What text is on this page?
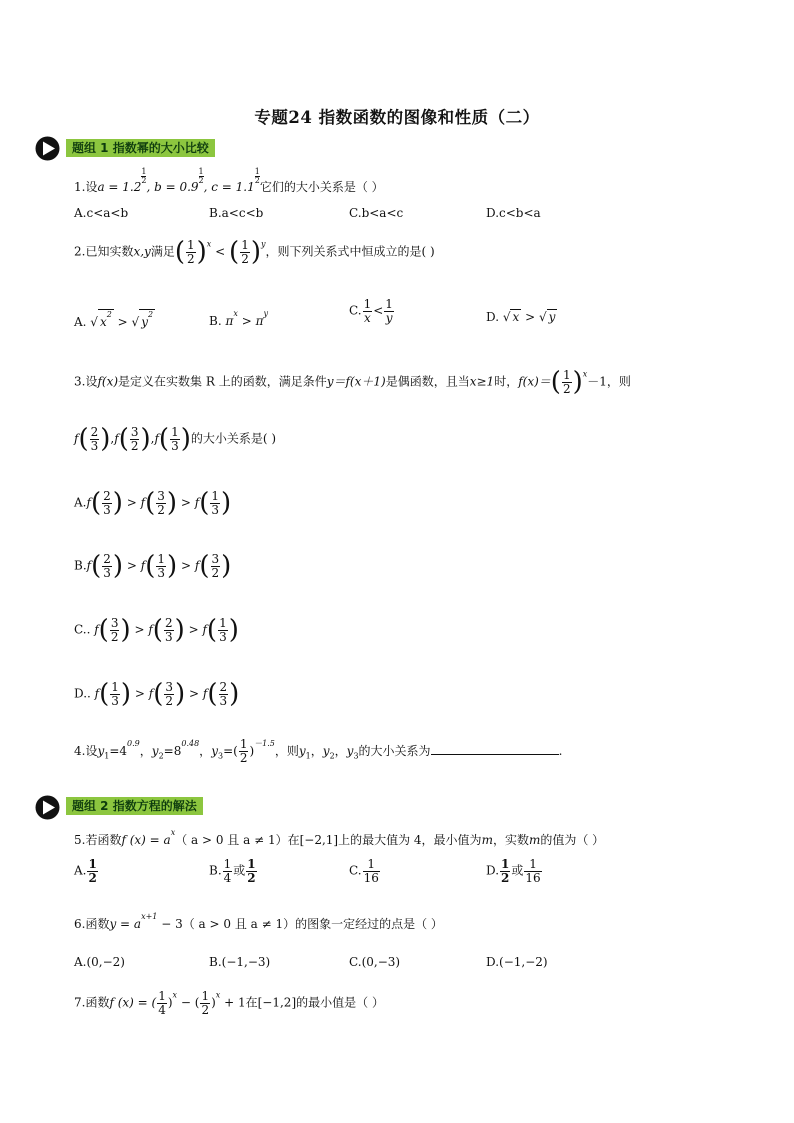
专题24 指数函数的图像和性质（二）
题组 1 指数幂的大小比较
1.设a = 1.2
$\frac{1}{2}$
, b = 0.9
$\frac{1}{2}$
, c = 1.1
$\frac{1}{2}$
它们的大小关系是（ ）
A.c<a<b	B.a<c<b	C.b<a<c	D.c<b<a
2.已知实数x,y满足( $\frac{1}{2} )^x$ < ( $\frac{1}{2} )^y$，则下列关系式中恒成立的是( )
A. √ $x^2$ > √ $y^2$	B. $\pi^x > \pi^y$	C. $\frac{1}{x} < \frac{1}{y}$	D. √ x > √ y
3.设f(x)是定义在实数集 R 上的函数，满足条件y＝f(x＋1)是偶函数，且当x≥1时，$f(x)=( \frac{1}{2} )^x-1$，则
$f( \frac{2}{3} ),f( \frac{3}{2} ),f( \frac{1}{3}$ )的大小关系是( )
$A.f( \frac{2}{3}$ ) > $f( \frac{3}{2}$ ) > $f( \frac{1}{3}$ )
$B.f( \frac{2}{3}$ ) > $f( \frac{1}{3}$ ) > $f( \frac{3}{2}$ )
C.. $f( \frac{3}{2}$ ) > $f( \frac{2}{3}$ ) > $f( \frac{1}{3}$ )
D.. $f( \frac{1}{3}$ ) > $f( \frac{3}{2}$ ) > $f( \frac{2}{3}$ )
4.设$y_1=4^{0.9}$，$y_2=8^{0.48}$，$y_3=( \frac{1}{2} )^{-1.5}$，则$y_1$，$y_2$，$y_3$的大小关系为	.
题组 2 指数方程的解法
5.若函数f $(x) = a^x$（ a > 0 且 a ≠ 1）在[−2,1]上的最大值为 4，最小值为m，实数m的值为（ ）
A. $\frac{1}{2}$	B. $\frac{1}{4}$ 或 $\frac{1}{2}$	C. $\frac{1}{16}$	D. $\frac{1}{2}$ 或 $\frac{1}{16}$
6.函数$y = a^{x+1} - 3$（ a > 0 且 a ≠ 1）的图象一定经过的点是（ ）
A.(0,−2)	B.(−1,−3)	C.(0,−3)	D.(−1,−2)
7.函数f (x) = ( $\frac{1}{4} )^x$ − ( $\frac{1}{2} )^x + 1$在[−1,2]的最小值是（ ）
